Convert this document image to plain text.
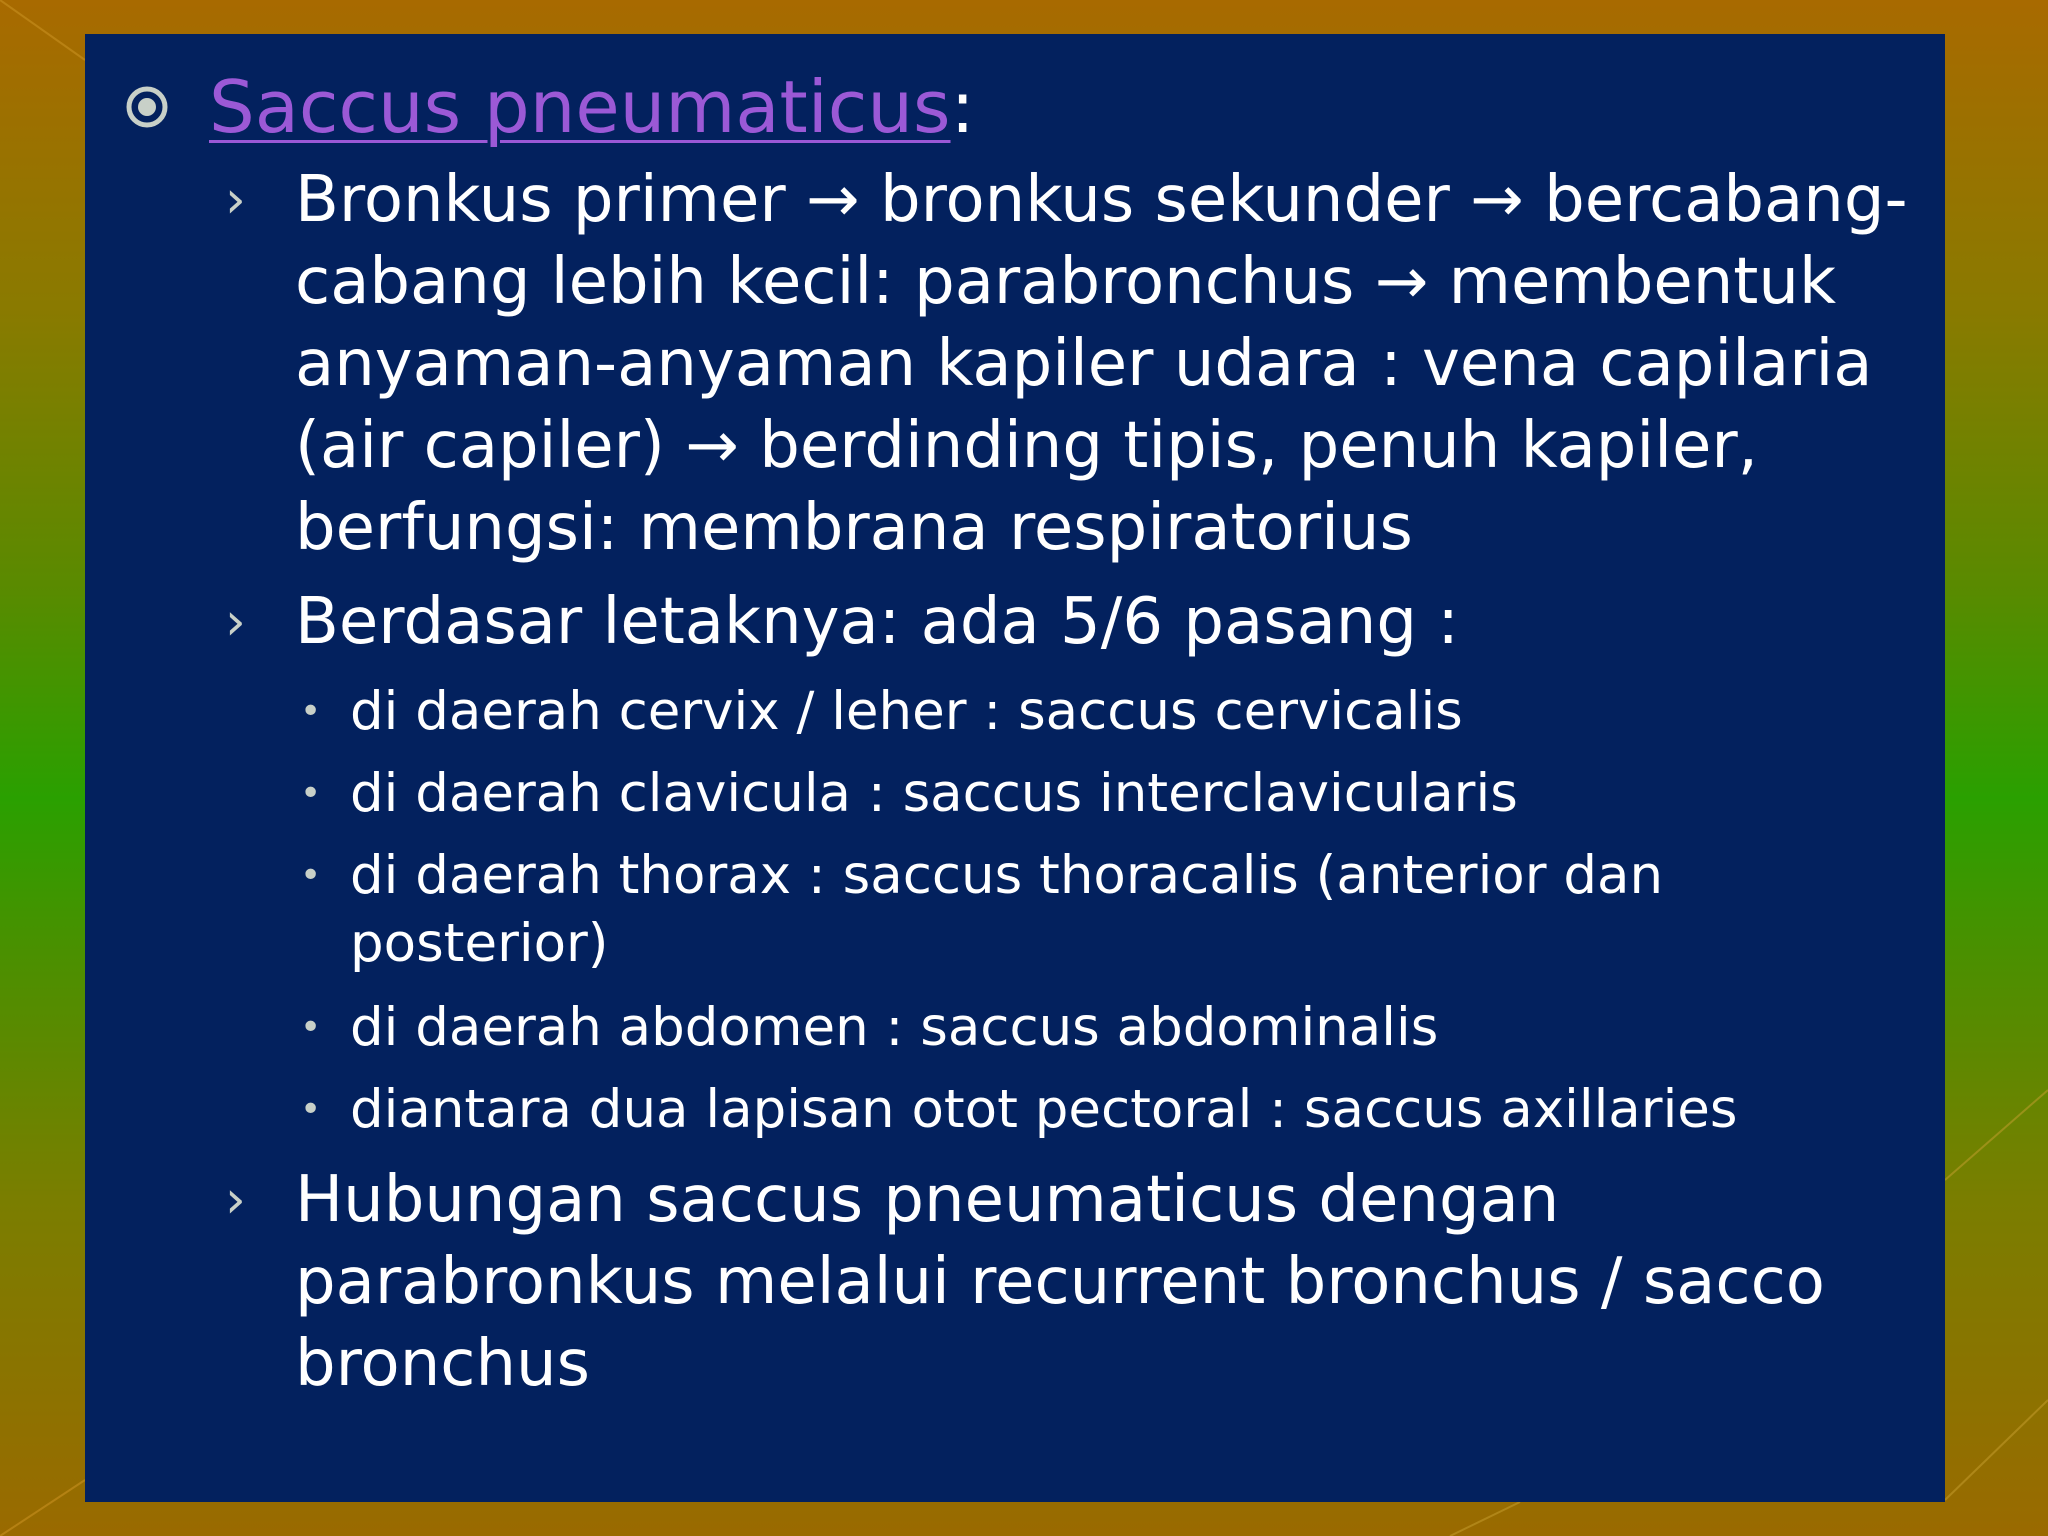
Saccus pneumaticus :
› Bronkus primer → bronkus sekunder → bercabang-cabang lebih kecil: parabronchus → membentuk anyaman-anyaman kapiler udara : vena capilaria (air capiler) → berdinding tipis, penuh kapiler, berfungsi: membrana respiratorius
› Berdasar letaknya: ada 5/6 pasang :
• di daerah cervix / leher : saccus cervicalis
• di daerah clavicula : saccus interclavicularis
• di daerah thorax : saccus thoracalis (anterior dan posterior)
• di daerah abdomen : saccus abdominalis
• diantara dua lapisan otot pectoral : saccus axillaries
› Hubungan saccus pneumaticus dengan parabronkus melalui recurrent bronchus / sacco bronchus
